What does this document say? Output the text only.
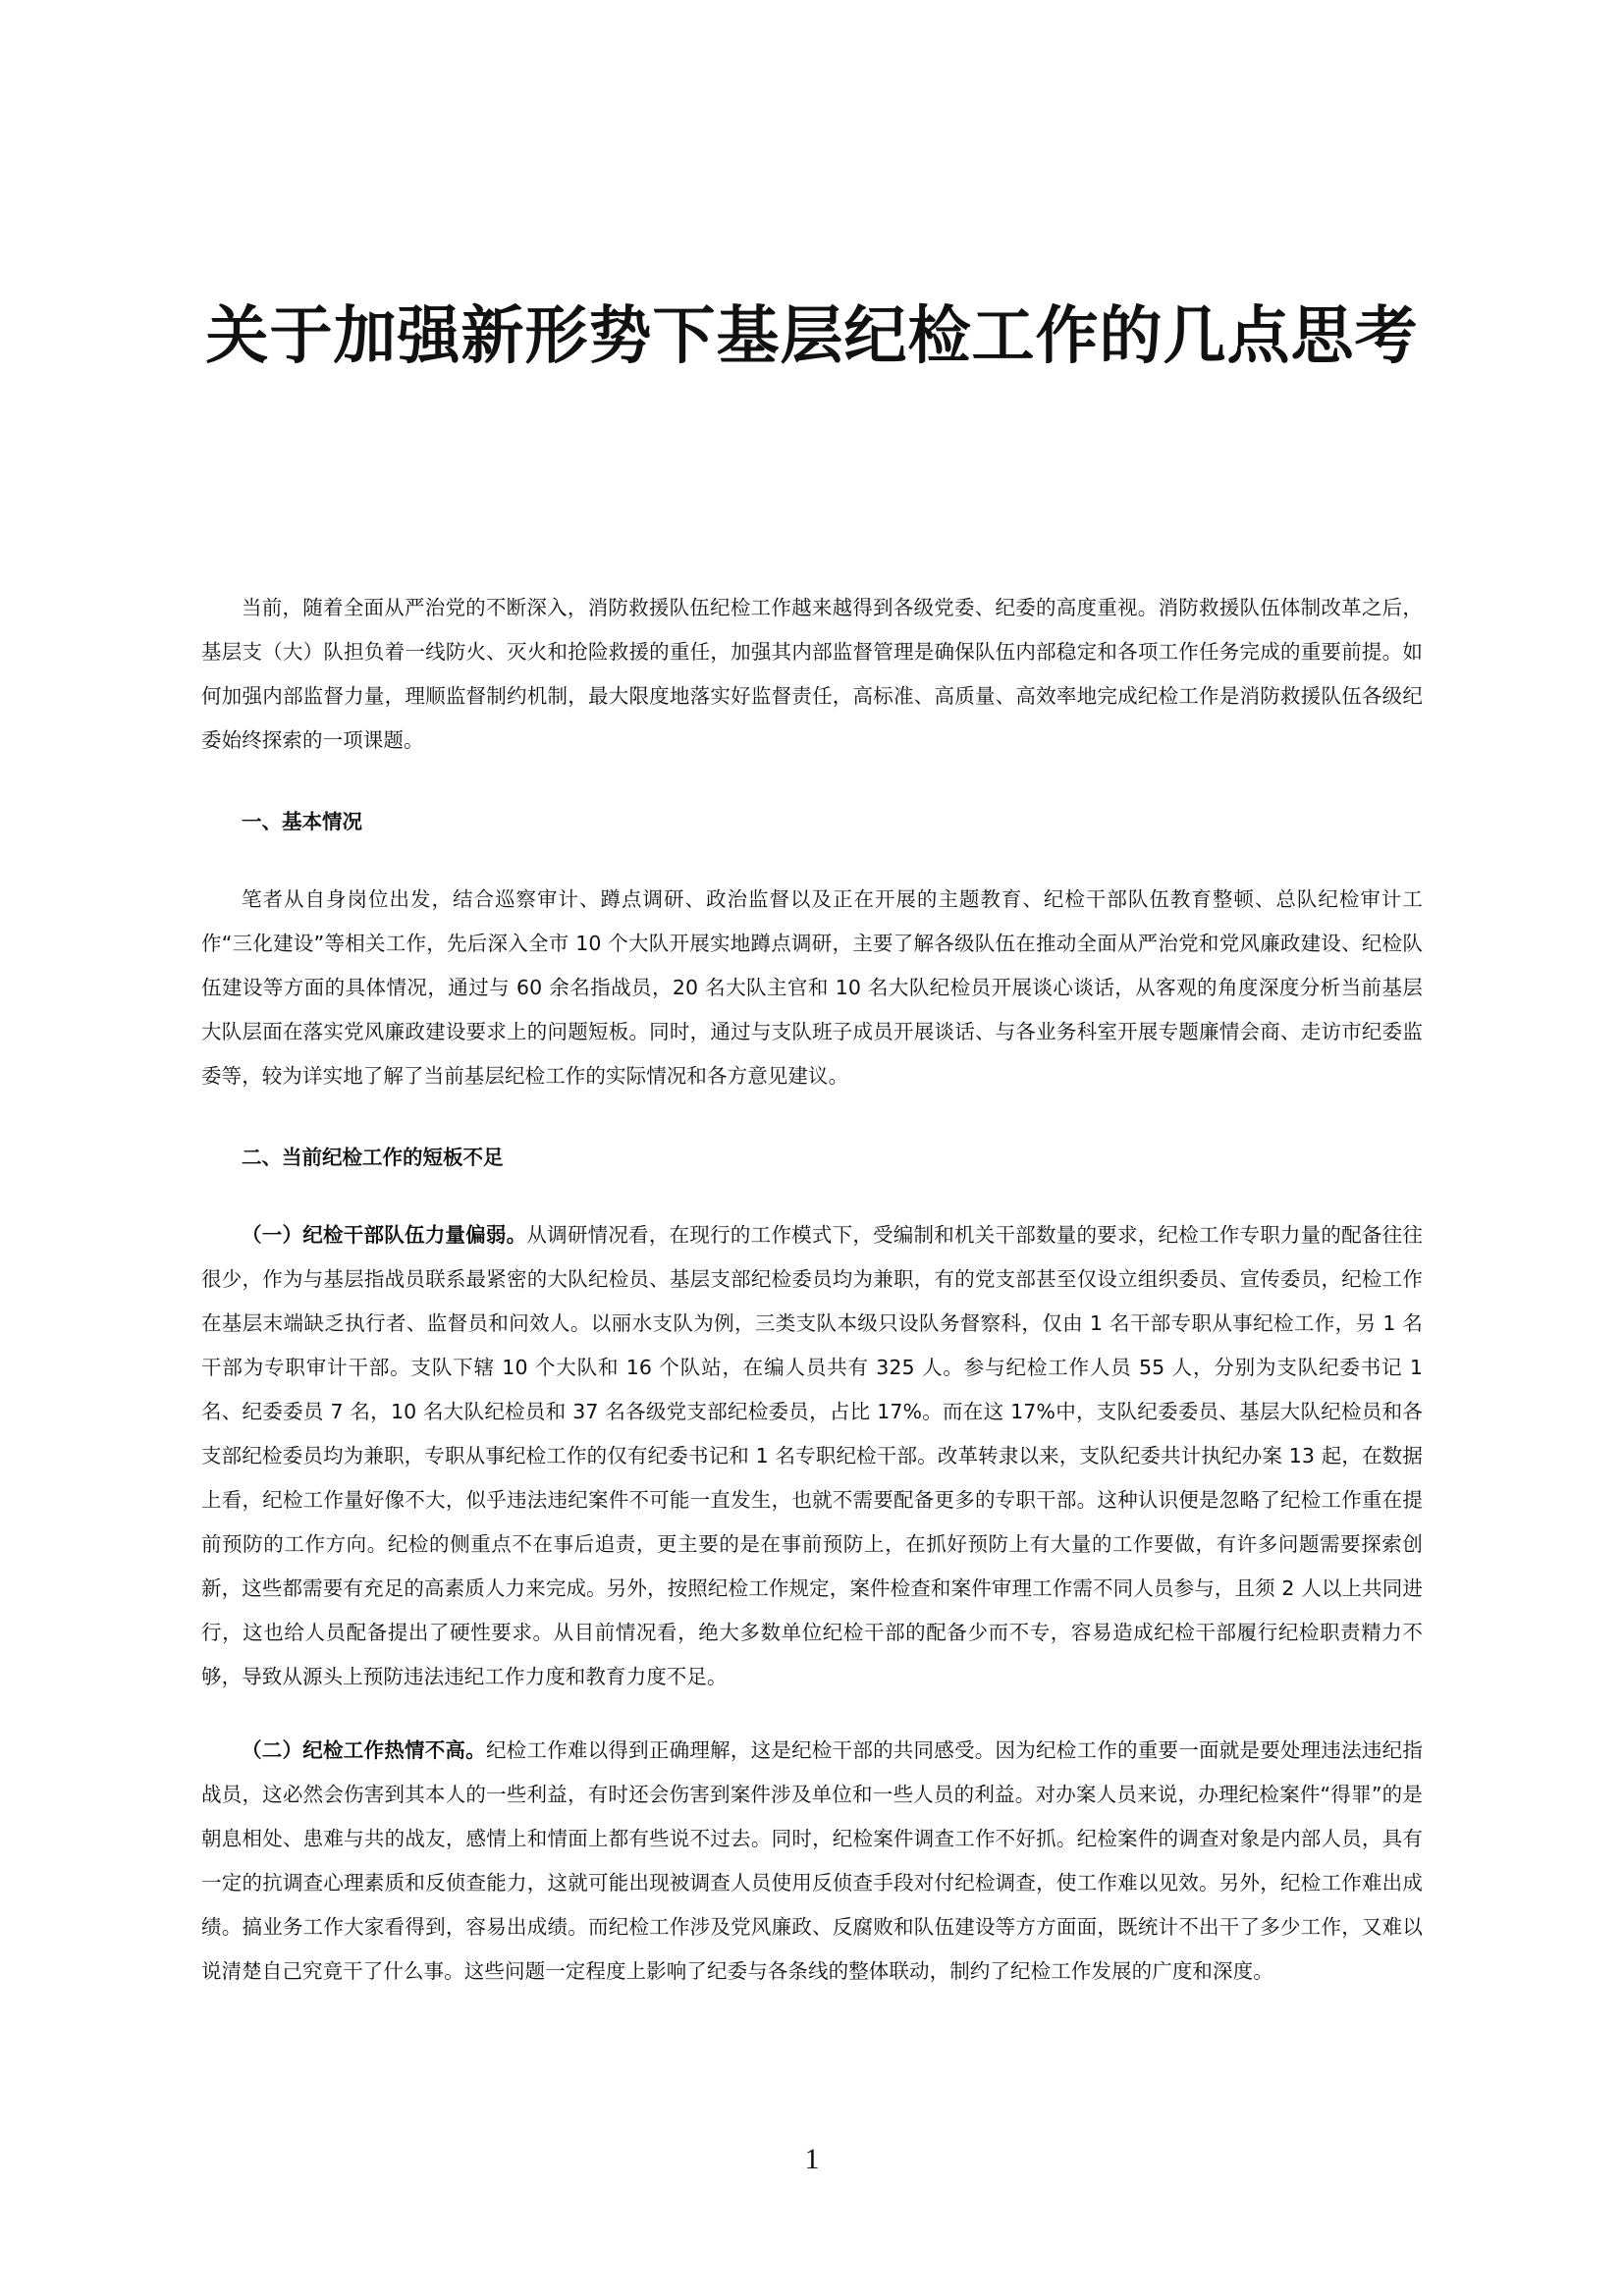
关于加强新形势下基层纪检工作的几点思考

当前，随着全面从严治党的不断深入，消防救援队伍纪检工作越来越得到各级党委、纪委的高度重视。消防救援队伍体制改革之后，基层支（大）队担负着一线防火、灭火和抢险救援的重任，加强其内部监督管理是确保队伍内部稳定和各项工作任务完成的重要前提。如何加强内部监督力量，理顺监督制约机制，最大限度地落实好监督责任，高标准、高质量、高效率地完成纪检工作是消防救援队伍各级纪委始终探索的一项课题。

一、基本情况

笔者从自身岗位出发，结合巡察审计、蹲点调研、政治监督以及正在开展的主题教育、纪检干部队伍教育整顿、总队纪检审计工作“三化建设”等相关工作，先后深入全市 10 个大队开展实地蹲点调研，主要了解各级队伍在推动全面从严治党和党风廉政建设、纪检队伍建设等方面的具体情况，通过与 60 余名指战员，20 名大队主官和 10 名大队纪检员开展谈心谈话，从客观的角度深度分析当前基层大队层面在落实党风廉政建设要求上的问题短板。同时，通过与支队班子成员开展谈话、与各业务科室开展专题廉情会商、走访市纪委监委等，较为详实地了解了当前基层纪检工作的实际情况和各方意见建议。

二、当前纪检工作的短板不足

（一）纪检干部队伍力量偏弱。从调研情况看，在现行的工作模式下，受编制和机关干部数量的要求，纪检工作专职力量的配备往往很少，作为与基层指战员联系最紧密的大队纪检员、基层支部纪检委员均为兼职，有的党支部甚至仅设立组织委员、宣传委员，纪检工作在基层末端缺乏执行者、监督员和问效人。以丽水支队为例，三类支队本级只设队务督察科，仅由 1 名干部专职从事纪检工作，另 1 名干部为专职审计干部。支队下辖 10 个大队和 16 个队站，在编人员共有 325 人。参与纪检工作人员 55 人，分别为支队纪委书记 1 名、纪委委员 7 名，10 名大队纪检员和 37 名各级党支部纪检委员，占比 17%。而在这 17%中，支队纪委委员、基层大队纪检员和各支部纪检委员均为兼职，专职从事纪检工作的仅有纪委书记和 1 名专职纪检干部。改革转隶以来，支队纪委共计执纪办案 13 起，在数据上看，纪检工作量好像不大，似乎违法违纪案件不可能一直发生，也就不需要配备更多的专职干部。这种认识便是忽略了纪检工作重在提前预防的工作方向。纪检的侧重点不在事后追责，更主要的是在事前预防上，在抓好预防上有大量的工作要做，有许多问题需要探索创新，这些都需要有充足的高素质人力来完成。另外，按照纪检工作规定，案件检查和案件审理工作需不同人员参与，且须 2 人以上共同进行，这也给人员配备提出了硬性要求。从目前情况看，绝大多数单位纪检干部的配备少而不专，容易造成纪检干部履行纪检职责精力不够，导致从源头上预防违法违纪工作力度和教育力度不足。

（二）纪检工作热情不高。纪检工作难以得到正确理解，这是纪检干部的共同感受。因为纪检工作的重要一面就是要处理违法违纪指战员，这必然会伤害到其本人的一些利益，有时还会伤害到案件涉及单位和一些人员的利益。对办案人员来说，办理纪检案件“得罪”的是朝息相处、患难与共的战友，感情上和情面上都有些说不过去。同时，纪检案件调查工作不好抓。纪检案件的调查对象是内部人员，具有一定的抗调查心理素质和反侦查能力，这就可能出现被调查人员使用反侦查手段对付纪检调查，使工作难以见效。另外，纪检工作难出成绩。搞业务工作大家看得到，容易出成绩。而纪检工作涉及党风廉政、反腐败和队伍建设等方方面面，既统计不出干了多少工作，又难以说清楚自己究竟干了什么事。这些问题一定程度上影响了纪委与各条线的整体联动，制约了纪检工作发展的广度和深度。

1
